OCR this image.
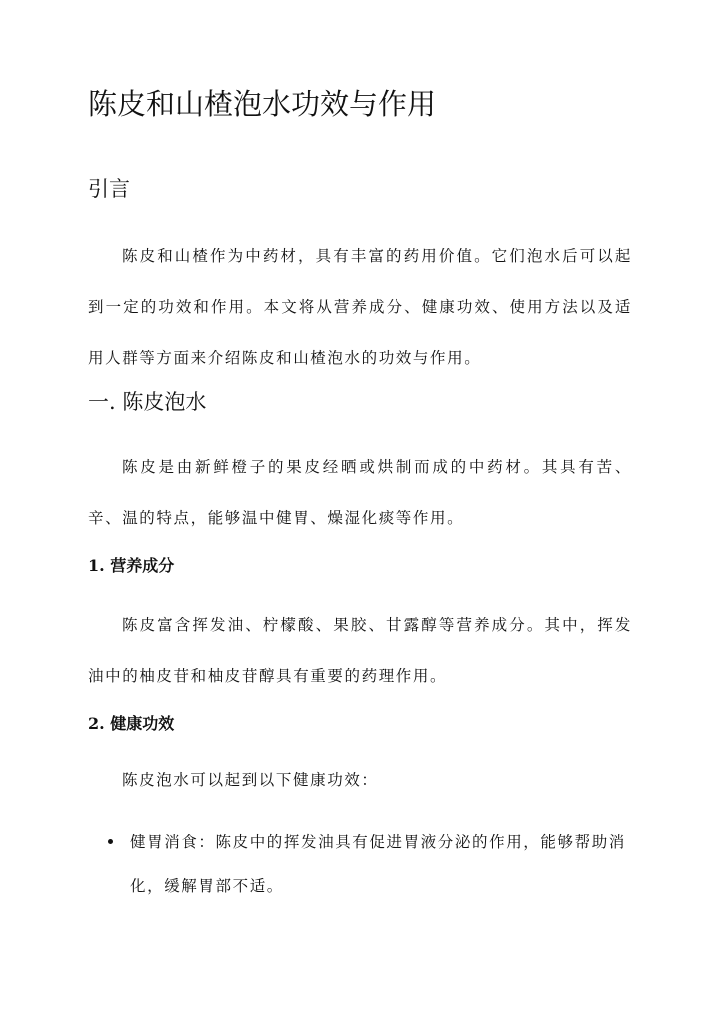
陈皮和山楂泡水功效与作用
引言

陈皮和山楂作为中药材，具有丰富的药用价值。它们泡水后可以起到一定的功效和作用。本文将从营养成分、健康功效、使用方法以及适用人群等方面来介绍陈皮和山楂泡水的功效与作用。

一. 陈皮泡水

陈皮是由新鲜橙子的果皮经晒或烘制而成的中药材。其具有苦、辛、温的特点，能够温中健胃、燥湿化痰等作用。

1. 营养成分

陈皮富含挥发油、柠檬酸、果胶、甘露醇等营养成分。其中，挥发油中的柚皮苷和柚皮苷醇具有重要的药理作用。

2. 健康功效

陈皮泡水可以起到以下健康功效：

健胃消食：陈皮中的挥发油具有促进胃液分泌的作用，能够帮助消化，缓解胃部不适。
